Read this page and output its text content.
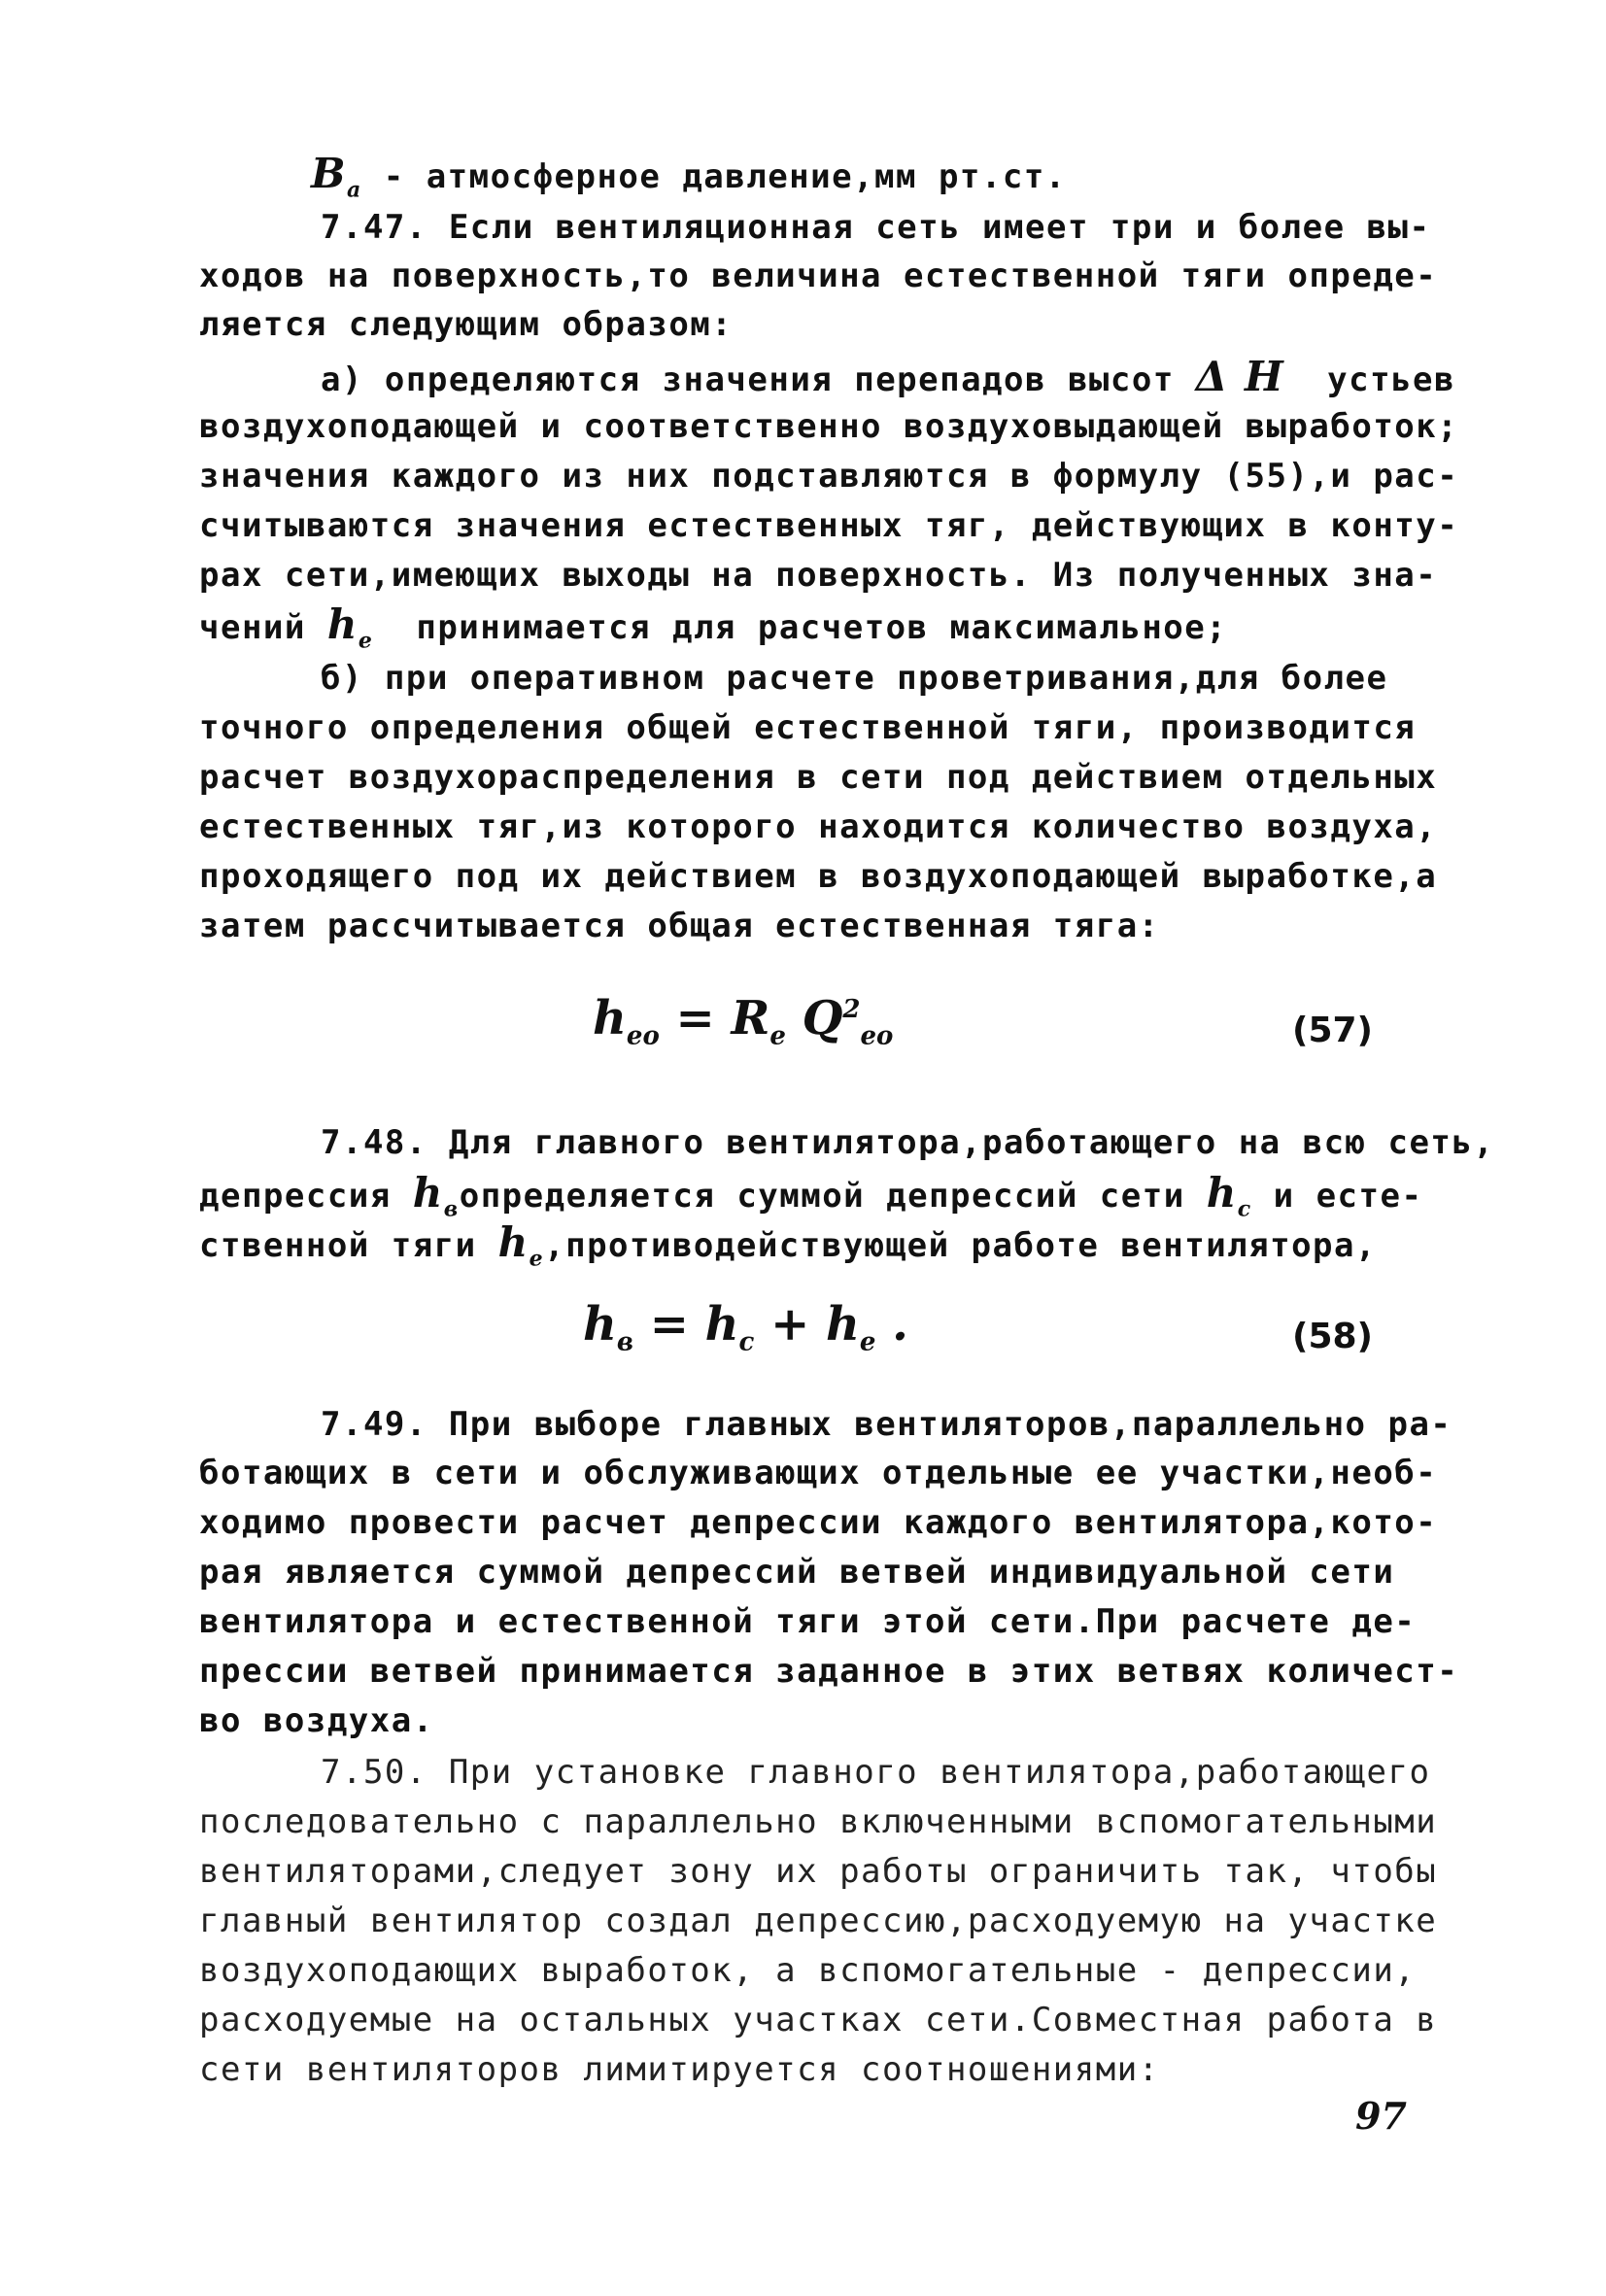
$B_a$ - атмосферное давление,мм рт.ст.
7.47. Если вентиляционная сеть имеет три и более вы-
ходов на поверхность,то величина естественной тяги опреде-
ляется следующим образом:
а) определяются значения перепадов высот Δ H устьев
воздухоподающей и соответственно воздуховыдающей выработок;
значения каждого из них подставляются в формулу (55),и рас-
считываются значения естественных тяг, действующих в конту-
рах сети,имеющих выходы на поверхность. Из полученных зна-
чений $h_e$ принимается для расчетов максимальное;
б) при оперативном расчете проветривания,для более
точного определения общей естественной тяги, производится
расчет воздухораспределения в сети под действием отдельных
естественных тяг,из которого находится количество воздуха,
проходящего под их действием в воздухоподающей выработке,а
затем рассчитывается общая естественная тяга:
$h_{eo} = R_e$ $Q^2_{eo}$	(57)
7.48. Для главного вентилятора,работающего на всю сеть,
депрессия $h_вопределяется$ суммой депрессий сети $h_c$ и есте-
ственной тяги $h_e,противодействующей$ работе вентилятора,
$h_в = h_c + h_e$ .	(58)
7.49. При выборе главных вентиляторов,параллельно ра-
ботающих в сети и обслуживающих отдельные ее участки,необ-
ходимо провести расчет депрессии каждого вентилятора,кото-
рая является суммой депрессий ветвей индивидуальной сети
вентилятора и естественной тяги этой сети.При расчете де-
прессии ветвей принимается заданное в этих ветвях количест-
во воздуха.
7.50. При установке главного вентилятора,работающего
последовательно с параллельно включенными вспомогательными
вентиляторами,следует зону их работы ограничить так, чтобы
главный вентилятор создал депрессию,расходуемую на участке
воздухоподающих выработок, а вспомогательные - депрессии,
расходуемые на остальных участках сети.Совместная работа в
сети вентиляторов лимитируется соотношениями:
97
